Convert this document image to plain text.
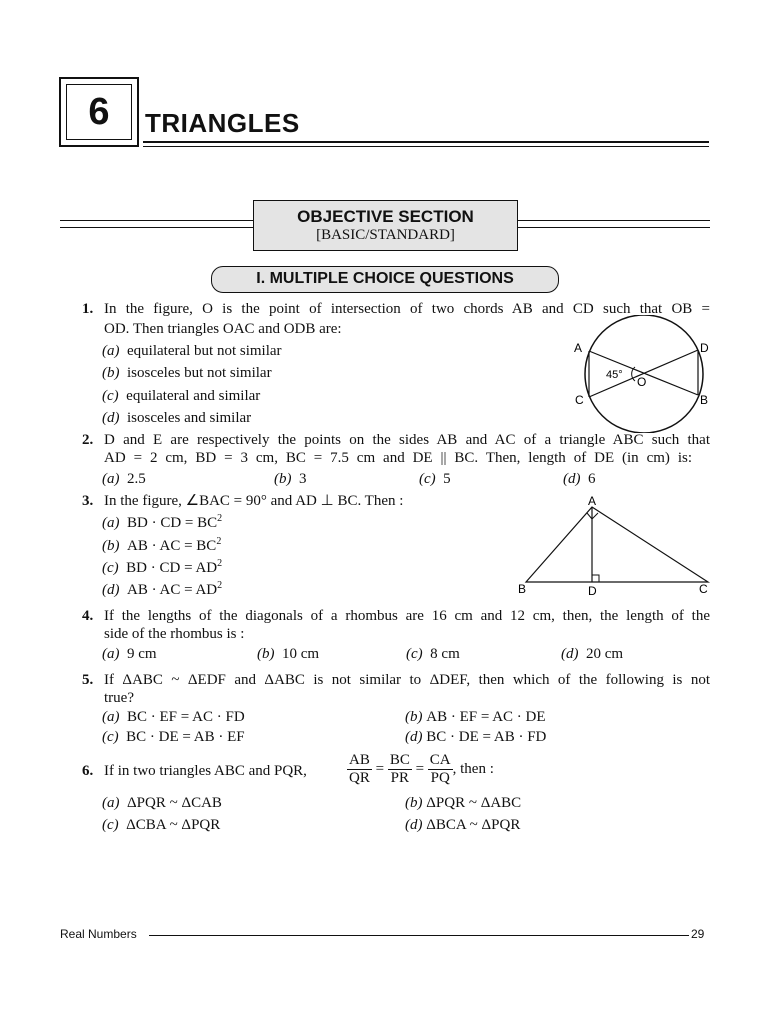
6	TRIANGLES
OBJECTIVE SECTION
[BASIC/STANDARD]
I. MULTIPLE CHOICE QUESTIONS
1. In the figure, O is the point of intersection of two chords AB and CD such that OB =
OD. Then triangles OAC and ODB are:
(a) equilateral but not similar
(b) isosceles but not similar
(c) equilateral and similar
(d) isosceles and similar
A	D
C	B
O
45°
2. D and E are respectively the points on the sides AB and AC of a triangle ABC such that
AD = 2 cm, BD = 3 cm, BC = 7.5 cm and DE || BC. Then, length of DE (in cm) is:
(a) 2.5	(b) 3	(c) 5	(d) 6
3. In the figure, ∠BAC = 90° and AD ⊥ BC. Then :
(a) BD · CD = $BC^2$
(b) AB · AC = $BC^2$
(c) BD · CD = $AD^2$
(d) AB · AC = $AD^2$
A
B	C
D
4. If the lengths of the diagonals of a rhombus are 16 cm and 12 cm, then, the length of the
side of the rhombus is :
(a) 9 cm	(b) 10 cm	(c) 8 cm	(d) 20 cm
5. If ΔABC ~ ΔEDF and ΔABC is not similar to ΔDEF, then which of the following is not
true?
(a) BC · EF = AC · FD	(b) AB · EF = AC · DE
(c) BC · DE = AB · EF	(d) BC · DE = AB · FD
6. If in two triangles ABC and PQR,	$\frac{AB}{QR} = \frac{BC}{PR} = \frac{CA}{PQ}$ , then :
(a) ΔPQR ~ ΔCAB	(b) ΔPQR ~ ΔABC
(c) ΔCBA ~ ΔPQR	(d) ΔBCA ~ ΔPQR
Real Numbers	29
